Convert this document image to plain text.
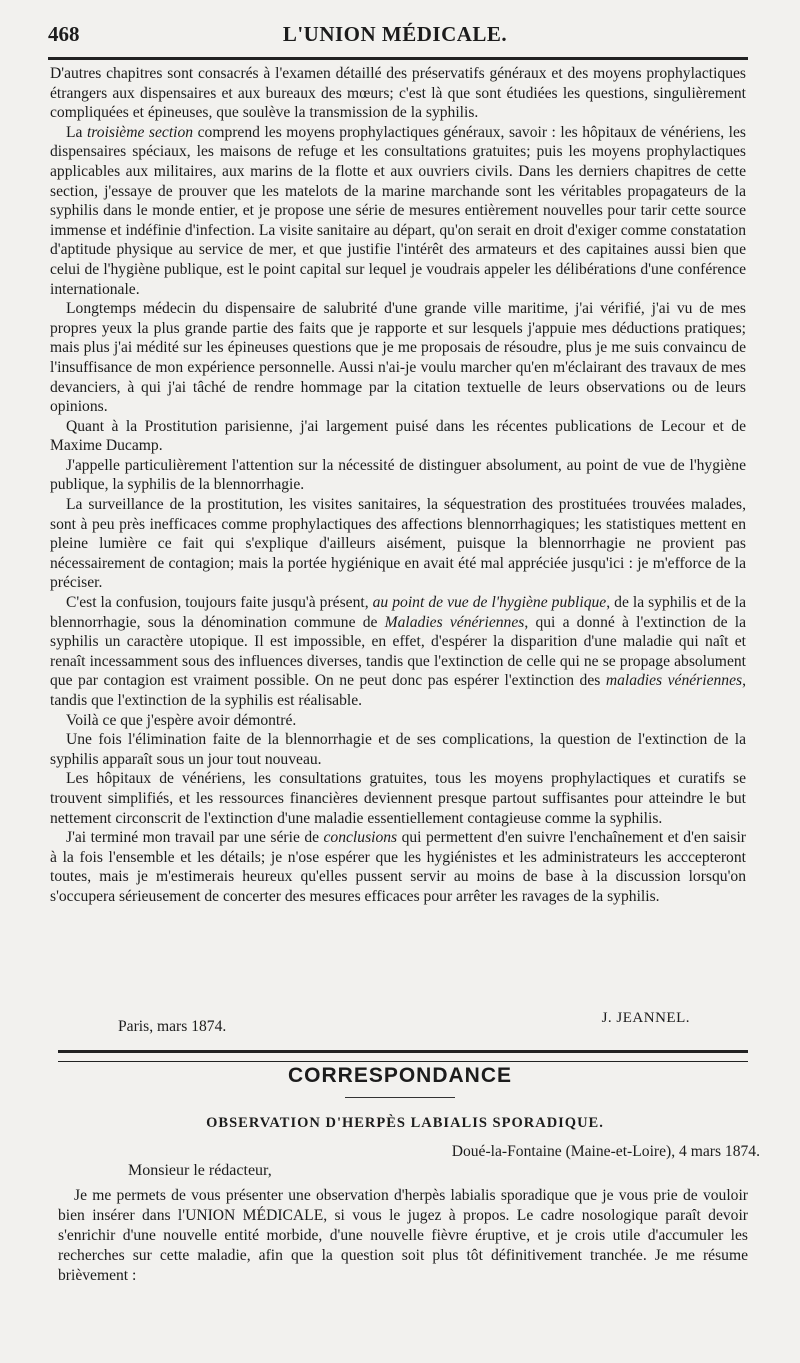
468	L'UNION MÉDICALE.

D'autres chapitres sont consacrés à l'examen détaillé des préservatifs généraux et des moyens prophylactiques étrangers aux dispensaires et aux bureaux des mœurs; c'est là que sont étudiées les questions, singulièrement compliquées et épineuses, que soulève la transmission de la syphilis.

La troisième section comprend les moyens prophylactiques généraux, savoir : les hôpitaux de vénériens, les dispensaires spéciaux, les maisons de refuge et les consultations gratuites; puis les moyens prophylactiques applicables aux militaires, aux marins de la flotte et aux ouvriers civils. Dans les derniers chapitres de cette section, j'essaye de prouver que les matelots de la marine marchande sont les véritables propagateurs de la syphilis dans le monde entier, et je propose une série de mesures entièrement nouvelles pour tarir cette source immense et indéfinie d'infection. La visite sanitaire au départ, qu'on serait en droit d'exiger comme constatation d'aptitude physique au service de mer, et que justifie l'intérêt des armateurs et des capitaines aussi bien que celui de l'hygiène publique, est le point capital sur lequel je voudrais appeler les délibérations d'une conférence internationale.

Longtemps médecin du dispensaire de salubrité d'une grande ville maritime, j'ai vérifié, j'ai vu de mes propres yeux la plus grande partie des faits que je rapporte et sur lesquels j'appuie mes déductions pratiques; mais plus j'ai médité sur les épineuses questions que je me proposais de résoudre, plus je me suis convaincu de l'insuffisance de mon expérience personnelle. Aussi n'ai-je voulu marcher qu'en m'éclairant des travaux de mes devanciers, à qui j'ai tâché de rendre hommage par la citation textuelle de leurs observations ou de leurs opinions.

Quant à la Prostitution parisienne, j'ai largement puisé dans les récentes publications de Lecour et de Maxime Ducamp.

J'appelle particulièrement l'attention sur la nécessité de distinguer absolument, au point de vue de l'hygiène publique, la syphilis de la blennorrhagie.

La surveillance de la prostitution, les visites sanitaires, la séquestration des prostituées trouvées malades, sont à peu près inefficaces comme prophylactiques des affections blennorrhagiques; les statistiques mettent en pleine lumière ce fait qui s'explique d'ailleurs aisément, puisque la blennorrhagie ne provient pas nécessairement de contagion; mais la portée hygiénique en avait été mal appréciée jusqu'ici : je m'efforce de la préciser.

C'est la confusion, toujours faite jusqu'à présent, au point de vue de l'hygiène publique, de la syphilis et de la blennorrhagie, sous la dénomination commune de Maladies vénériennes, qui a donné à l'extinction de la syphilis un caractère utopique. Il est impossible, en effet, d'espérer la disparition d'une maladie qui naît et renaît incessamment sous des influences diverses, tandis que l'extinction de celle qui ne se propage absolument que par contagion est vraiment possible. On ne peut donc pas espérer l'extinction des maladies vénériennes, tandis que l'extinction de la syphilis est réalisable.

Voilà ce que j'espère avoir démontré.

Une fois l'élimination faite de la blennorrhagie et de ses complications, la question de l'extinction de la syphilis apparaît sous un jour tout nouveau.

Les hôpitaux de vénériens, les consultations gratuites, tous les moyens prophylactiques et curatifs se trouvent simplifiés, et les ressources financières deviennent presque partout suffisantes pour atteindre le but nettement circonscrit de l'extinction d'une maladie essentiellement contagieuse comme la syphilis.

J'ai terminé mon travail par une série de conclusions qui permettent d'en suivre l'enchaînement et d'en saisir à la fois l'ensemble et les détails; je n'ose espérer que les hygiénistes et les administrateurs les acccepteront toutes, mais je m'estimerais heureux qu'elles pussent servir au moins de base à la discussion lorsqu'on s'occupera sérieusement de concerter des mesures efficaces pour arrêter les ravages de la syphilis.

Paris, mars 1874.	J. JEANNEL.
CORRESPONDANCE
OBSERVATION D'HERPÈS LABIALIS SPORADIQUE.
Doué-la-Fontaine (Maine-et-Loire), 4 mars 1874.
Monsieur le rédacteur,

Je me permets de vous présenter une observation d'herpès labialis sporadique que je vous prie de vouloir bien insérer dans l'UNION MÉDICALE, si vous le jugez à propos. Le cadre nosologique paraît devoir s'enrichir d'une nouvelle entité morbide, d'une nouvelle fièvre éruptive, et je crois utile d'accumuler les recherches sur cette maladie, afin que la question soit plus tôt définitivement tranchée. Je me résume brièvement :
